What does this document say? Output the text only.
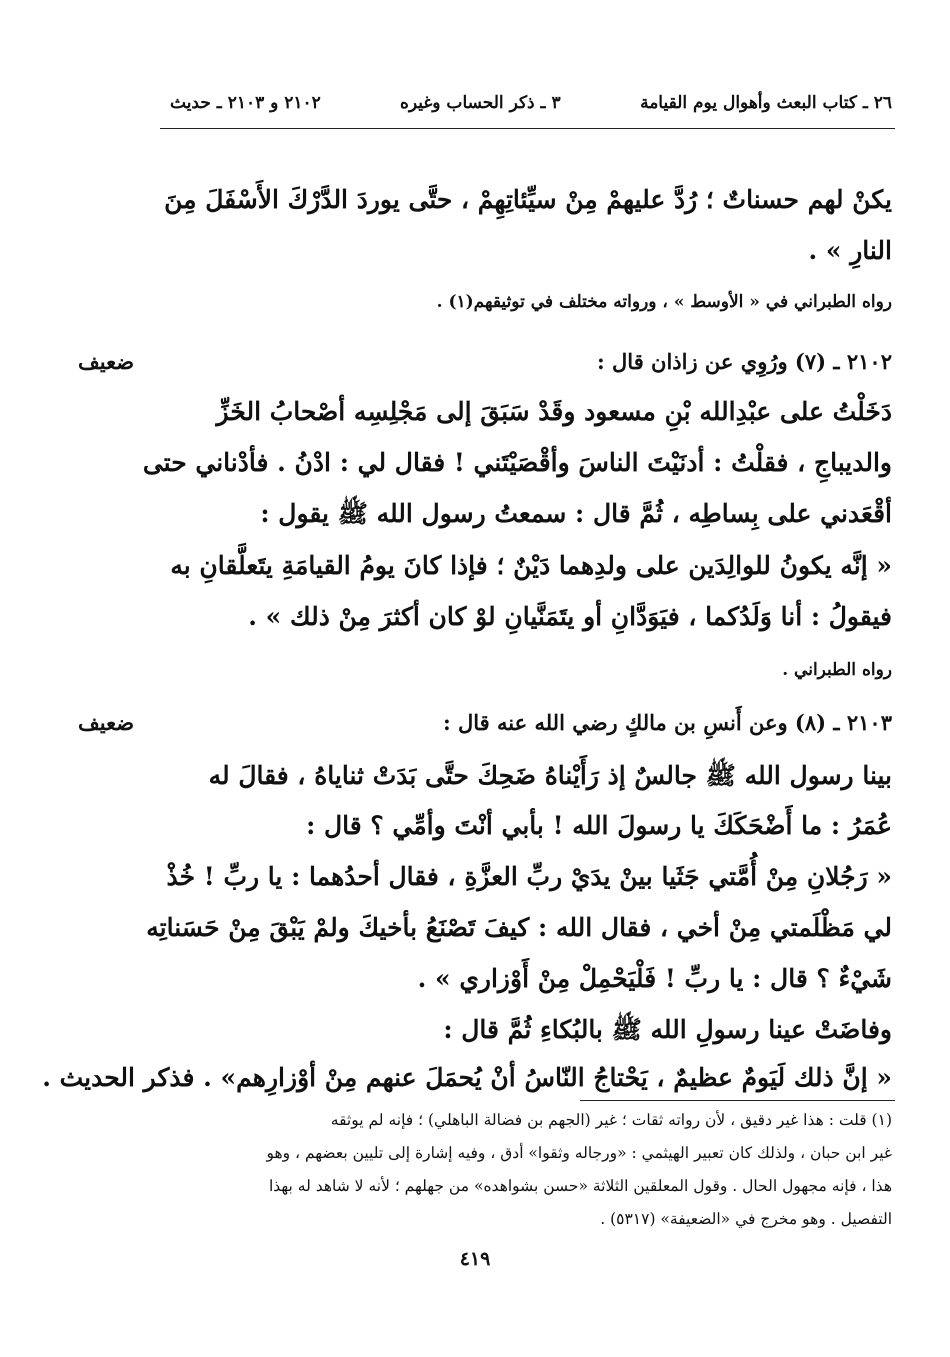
٢٦ ـ كتاب البعث وأهوال يوم القيامة
٣ ـ ذكر الحساب وغيره
٢١٠٢ و ٢١٠٣ ـ حديث
يكنْ لهم حسناتٌ ؛ رُدَّ عليهمْ مِنْ سيِّئاتِهِمْ ، حتَّى يوردَ الدَّرْكَ الأَسْفَلَ مِنَ
النارِ » .
رواه الطبراني في « الأوسط » ، ورواته مختلف في توثيقهم(١) .
٢١٠٢ ـ (٧) ورُوِي عن زاذان قال :
ضعيف
دَخَلْتُ على عبْدِالله بْنِ مسعود وقَدْ سَبَقَ إلى مَجْلِسِه أصْحابُ الخَزِّ
والديباجِ ، فقلْتُ : أدنَيْتَ الناسَ وأقْصَيْتَني ! فقال لي : ادْنُ . فأدْناني حتى
أقْعَدني على بِساطِه ، ثُمَّ قال : سمعتُ رسول الله ﷺ يقول :
« إنَّه يكونُ للوالِدَين على ولدِهما دَيْنٌ ؛ فإذا كانَ يومُ القيامَةِ يتَعلَّقانِ به
فيقولُ : أنا وَلَدُكما ، فيَوَدَّانِ أو يتَمَنَّيانِ لوْ كان أكثرَ مِنْ ذلك » .
رواه الطبراني .
٢١٠٣ ـ (٨) وعن أَنسِ بن مالكٍ رضي الله عنه قال :
ضعيف
بينا رسول الله ﷺ جالسٌ إذ رَأَيْناهُ ضَحِكَ حتَّى بَدَتْ ثناياهُ ، فقالَ له
عُمَرُ : ما أَضْحَكَكَ يا رسولَ الله ! بأبي أنْتَ وأمِّي ؟ قال :
« رَجُلانِ مِنْ أُمَّتي جَثَيا بينْ يدَيْ ربِّ العزَّةِ ، فقال أحدُهما : يا ربِّ ! خُذْ
لي مَظْلَمتي مِنْ أخي ، فقال الله : كيفَ تَصْنَعُ بأخيكَ ولمْ يَبْقَ مِنْ حَسَناتِه
شَيْءٌ ؟ قال : يا ربِّ ! فَلْيَحْمِلْ مِنْ أَوْزاري » .
وفاضَتْ عينا رسولِ الله ﷺ بالبُكاءِ ثُمَّ قال :
« إنَّ ذلك لَيَومٌ عظيمٌ ، يَحْتاجُ النّاسُ أنْ يُحمَلَ عنهم مِنْ أوْزارِهم» . فذكر الحديث .
(١) قلت : هذا غير دقيق ، لأن رواته ثقات ؛ غير (الجهم بن فضالة الباهلي) ؛ فإنه لم يوثقه
غير ابن حبان ، ولذلك كان تعبير الهيثمي : «ورجاله وثقوا» أدق ، وفيه إشارة إلى تليين بعضهم ، وهو
هذا ، فإنه مجهول الحال . وقول المعلقين الثلاثة «حسن بشواهده» من جهلهم ؛ لأنه لا شاهد له بهذا
التفصيل . وهو مخرج في «الضعيفة» (٥٣١٧) .
٤١٩
